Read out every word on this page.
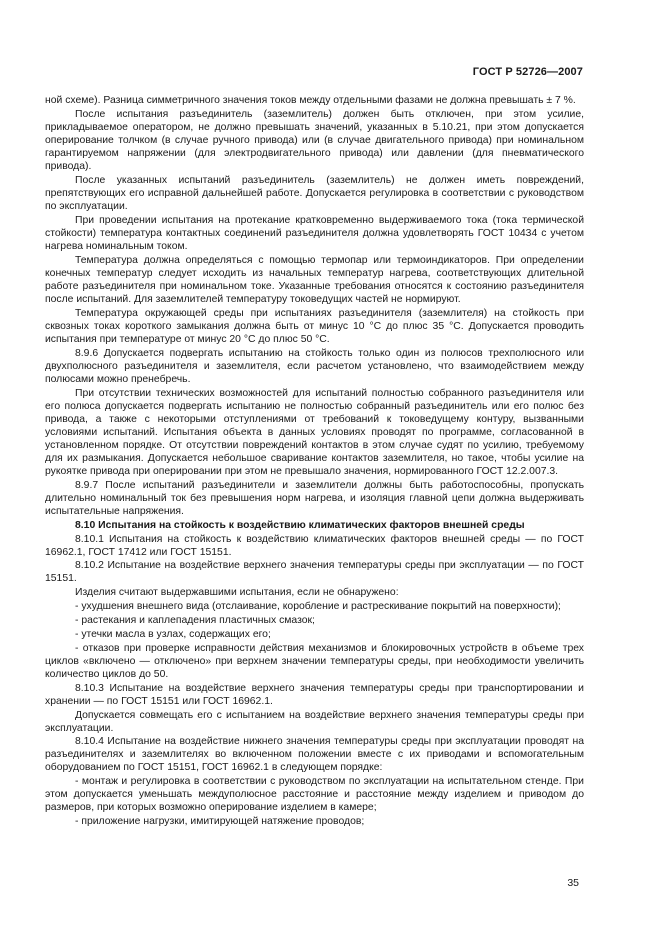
ГОСТ Р 52726—2007

ной схеме). Разница симметричного значения токов между отдельными фазами не должна превышать ± 7 %.

После испытания разъединитель (заземлитель) должен быть отключен, при этом усилие, прикладываемое оператором, не должно превышать значений, указанных в 5.10.21, при этом допускается оперирование толчком (в случае ручного привода) или (в случае двигательного привода) при номинальном гарантируемом напряжении (для электродвигательного привода) или давлении (для пневматического привода).

После указанных испытаний разъединитель (заземлитель) не должен иметь повреждений, препятствующих его исправной дальнейшей работе. Допускается регулировка в соответствии с руководством по эксплуатации.

При проведении испытания на протекание кратковременно выдерживаемого тока (тока термической стойкости) температура контактных соединений разъединителя должна удовлетворять ГОСТ 10434 с учетом нагрева номинальным током.

Температура должна определяться с помощью термопар или термоиндикаторов. При определении конечных температур следует исходить из начальных температур нагрева, соответствующих длительной работе разъединителя при номинальном токе. Указанные требования относятся к состоянию разъединителя после испытаний. Для заземлителей температуру токоведущих частей не нормируют.

Температура окружающей среды при испытаниях разъединителя (заземлителя) на стойкость при сквозных токах короткого замыкания должна быть от минус 10 °С до плюс 35 °С. Допускается проводить испытания при температуре от минус 20 °С до плюс 50 °С.

8.9.6 Допускается подвергать испытанию на стойкость только один из полюсов трехполюсного или двухполюсного разъединителя и заземлителя, если расчетом установлено, что взаимодействием между полюсами можно пренебречь.

При отсутствии технических возможностей для испытаний полностью собранного разъединителя или его полюса допускается подвергать испытанию не полностью собранный разъединитель или его полюс без привода, а также с некоторыми отступлениями от требований к токоведущему контуру, вызванными условиями испытаний. Испытания объекта в данных условиях проводят по программе, согласованной в установленном порядке. От отсутствии повреждений контактов в этом случае судят по усилию, требуемому для их размыкания. Допускается небольшое сваривание контактов заземлителя, но такое, чтобы усилие на рукоятке привода при оперировании при этом не превышало значения, нормированного ГОСТ 12.2.007.3.

8.9.7 После испытаний разъединители и заземлители должны быть работоспособны, пропускать длительно номинальный ток без превышения норм нагрева, и изоляция главной цепи должна выдерживать испытательные напряжения.

8.10 Испытания на стойкость к воздействию климатических факторов внешней среды

8.10.1 Испытания на стойкость к воздействию климатических факторов внешней среды — по ГОСТ 16962.1, ГОСТ 17412 или ГОСТ 15151.

8.10.2 Испытание на воздействие верхнего значения температуры среды при эксплуатации — по ГОСТ 15151.

Изделия считают выдержавшими испытания, если не обнаружено:

- ухудшения внешнего вида (отслаивание, коробление и растрескивание покрытий на поверхности);

- растекания и каплепадения пластичных смазок;

- утечки масла в узлах, содержащих его;

- отказов при проверке исправности действия механизмов и блокировочных устройств в объеме трех циклов «включено — отключено» при верхнем значении температуры среды, при необходимости увеличить количество циклов до 50.

8.10.3 Испытание на воздействие верхнего значения температуры среды при транспортировании и хранении — по ГОСТ 15151 или ГОСТ 16962.1.

Допускается совмещать его с испытанием на воздействие верхнего значения температуры среды при эксплуатации.

8.10.4 Испытание на воздействие нижнего значения температуры среды при эксплуатации проводят на разъединителях и заземлителях во включенном положении вместе с их приводами и вспомогательным оборудованием по ГОСТ 15151, ГОСТ 16962.1 в следующем порядке:

- монтаж и регулировка в соответствии с руководством по эксплуатации на испытательном стенде. При этом допускается уменьшать междуполюсное расстояние и расстояние между изделием и приводом до размеров, при которых возможно оперирование изделием в камере;

- приложение нагрузки, имитирующей натяжение проводов;

35
